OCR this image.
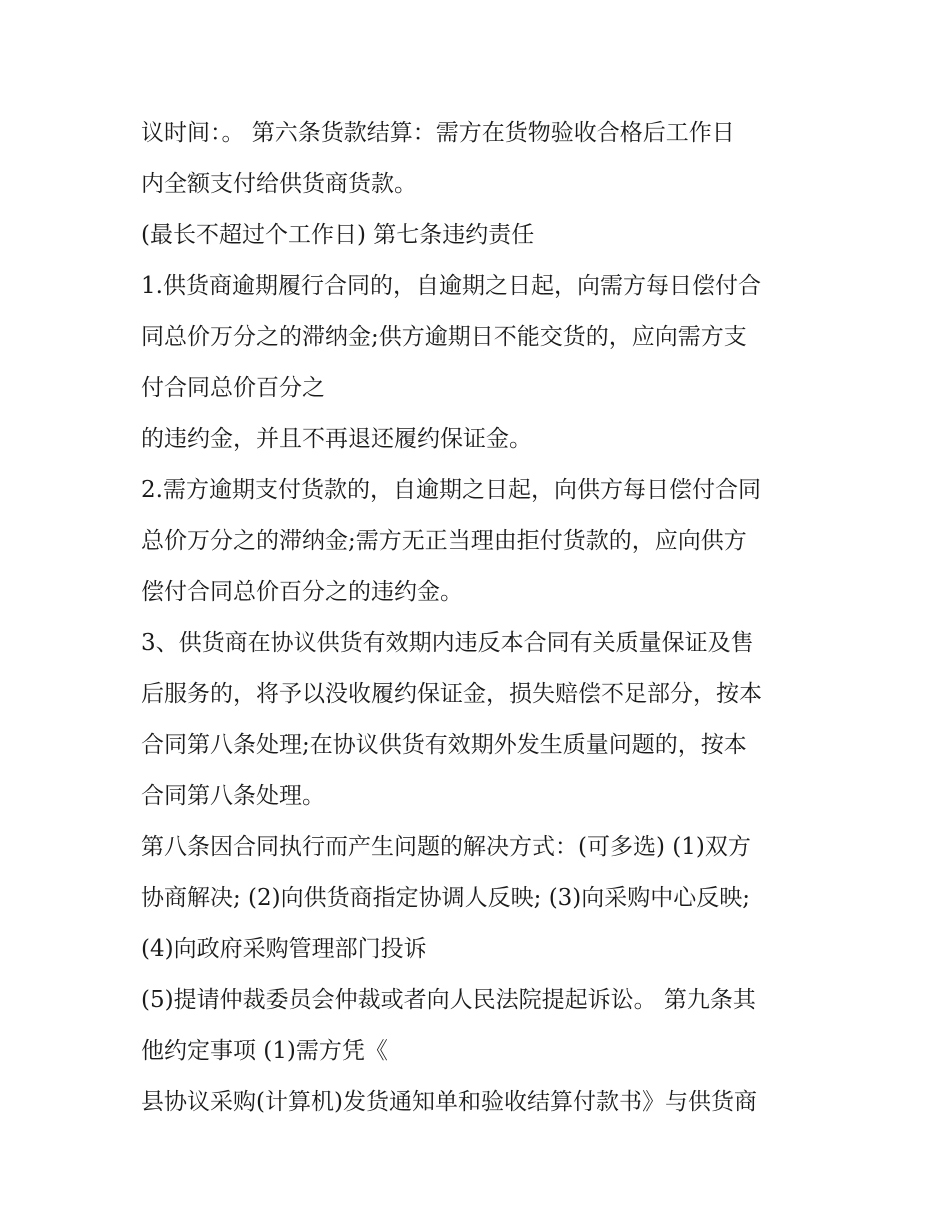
议时间：。 第六条货款结算：需方在货物验收合格后工作日
内全额支付给供货商货款。
(最长不超过个工作日) 第七条违约责任
1.供货商逾期履行合同的，自逾期之日起，向需方每日偿付合
同总价万分之的滞纳金;供方逾期日不能交货的，应向需方支
付合同总价百分之
的违约金，并且不再退还履约保证金。
2.需方逾期支付货款的，自逾期之日起，向供方每日偿付合同
总价万分之的滞纳金;需方无正当理由拒付货款的，应向供方
偿付合同总价百分之的违约金。
3、供货商在协议供货有效期内违反本合同有关质量保证及售
后服务的，将予以没收履约保证金，损失赔偿不足部分，按本
合同第八条处理;在协议供货有效期外发生质量问题的，按本
合同第八条处理。
第八条因合同执行而产生问题的解决方式：(可多选) (1)双方
协商解决; (2)向供货商指定协调人反映; (3)向采购中心反映;
(4)向政府采购管理部门投诉
(5)提请仲裁委员会仲裁或者向人民法院提起诉讼。 第九条其
他约定事项 (1)需方凭《
县协议采购(计算机)发货通知单和验收结算付款书》与供货商
